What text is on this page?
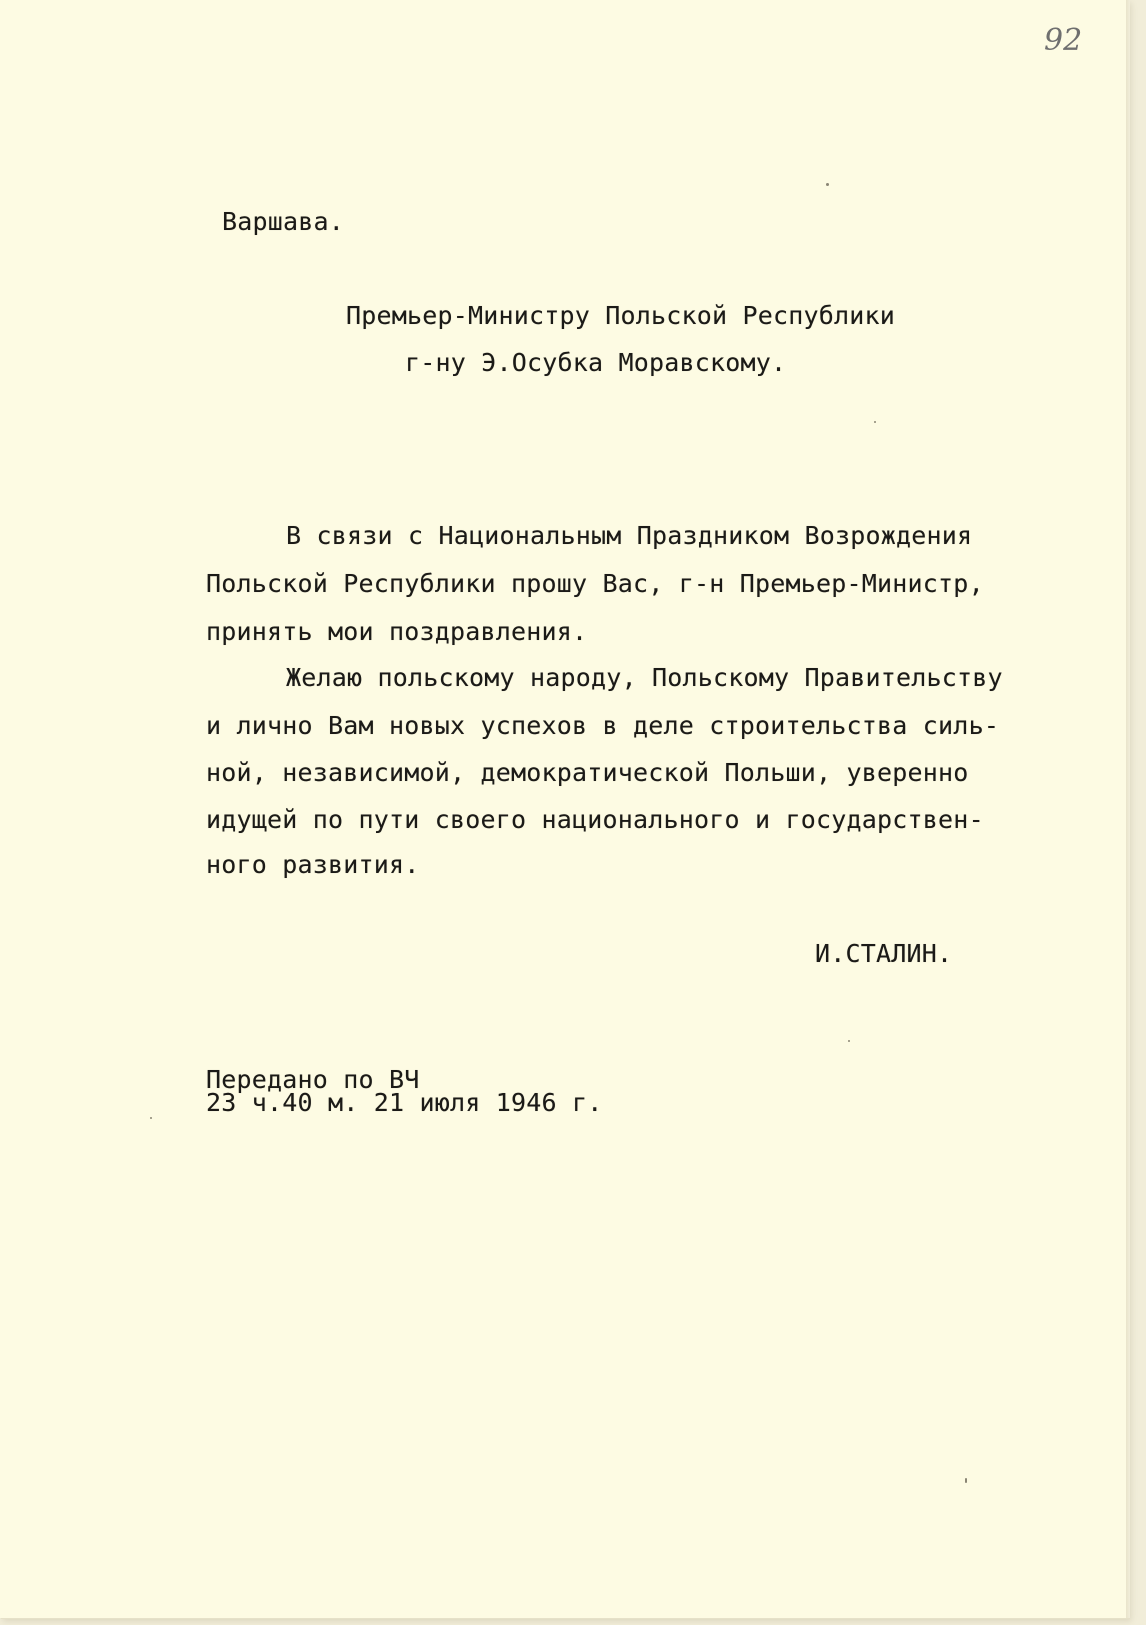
92
Варшава.
Премьер-Министру Польской Республики
г-ну Э.Осубка Моравскому.
В связи с Национальным Праздником Возрождения
Польской Республики прошу Вас, г-н Премьер-Министр,
принять мои поздравления.
Желаю польскому народу, Польскому Правительству
и лично Вам новых успехов в деле строительства силь-
ной, независимой, демократической Польши, уверенно
идущей по пути своего национального и государствен-
ного развития.
И.СТАЛИН.
Передано по ВЧ
23 ч.40 м. 21 июля 1946 г.
